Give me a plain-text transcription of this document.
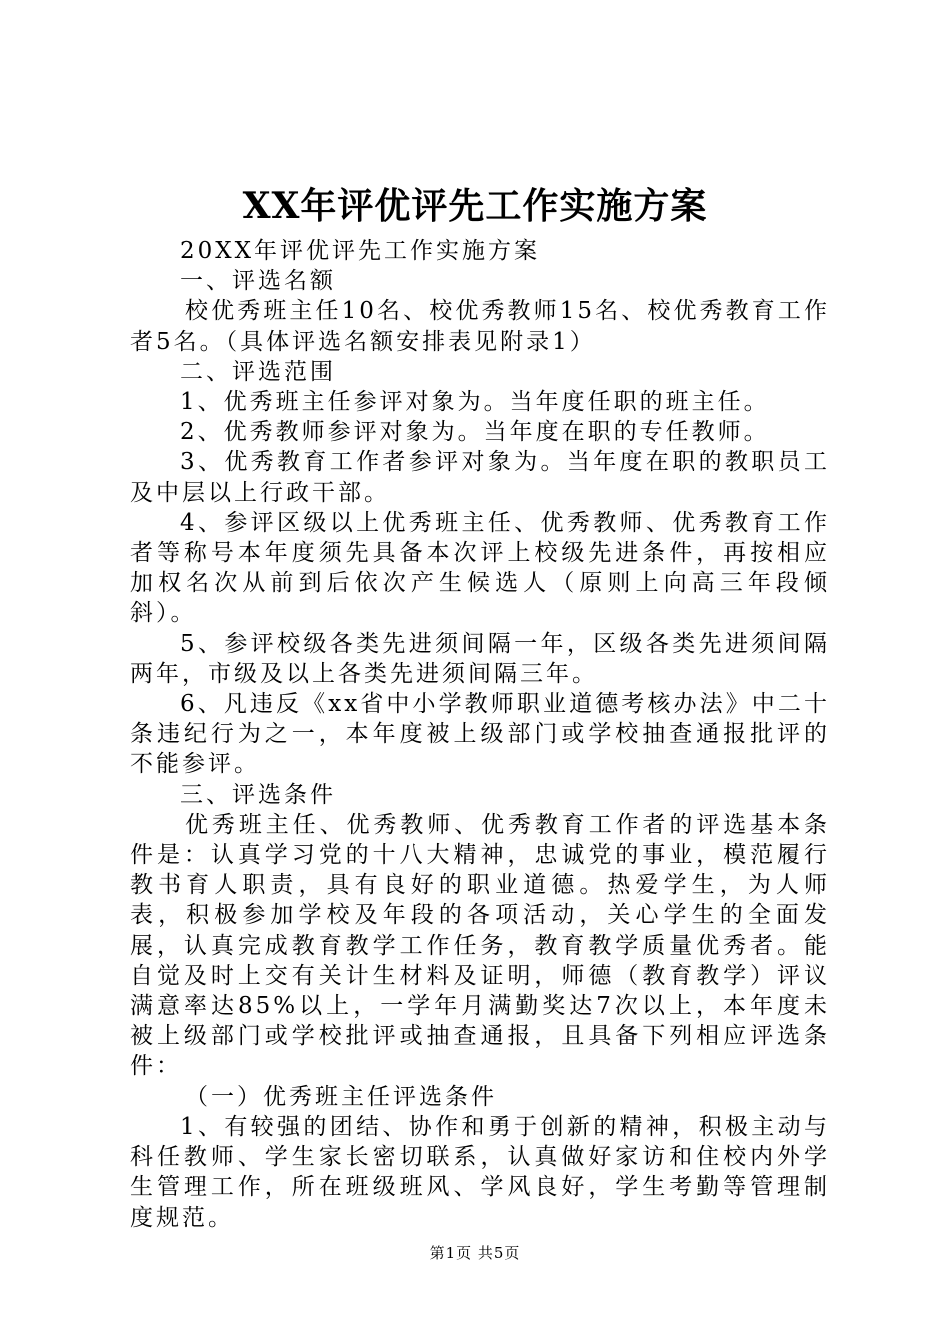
XX年评优评先工作实施方案

20XX年评优评先工作实施方案

一、评选名额

校优秀班主任10名、校优秀教师15名、校优秀教育工作者5名。（具体评选名额安排表见附录1）

二、评选范围

1、优秀班主任参评对象为。当年度任职的班主任。

2、优秀教师参评对象为。当年度在职的专任教师。

3、优秀教育工作者参评对象为。当年度在职的教职员工及中层以上行政干部。

4、参评区级以上优秀班主任、优秀教师、优秀教育工作者等称号本年度须先具备本次评上校级先进条件，再按相应加权名次从前到后依次产生候选人（原则上向高三年段倾斜）。

5、参评校级各类先进须间隔一年，区级各类先进须间隔两年，市级及以上各类先进须间隔三年。

6、凡违反《xx省中小学教师职业道德考核办法》中二十条违纪行为之一，本年度被上级部门或学校抽查通报批评的不能参评。

三、评选条件

优秀班主任、优秀教师、优秀教育工作者的评选基本条件是：认真学习党的十八大精神，忠诚党的事业，模范履行教书育人职责，具有良好的职业道德。热爱学生，为人师表，积极参加学校及年段的各项活动，关心学生的全面发展，认真完成教育教学工作任务，教育教学质量优秀者。能自觉及时上交有关计生材料及证明，师德（教育教学）评议满意率达85%以上，一学年月满勤奖达7次以上，本年度未被上级部门或学校批评或抽查通报，且具备下列相应评选条件：

（一）优秀班主任评选条件

1、有较强的团结、协作和勇于创新的精神，积极主动与科任教师、学生家长密切联系，认真做好家访和住校内外学生管理工作，所在班级班风、学风良好，学生考勤等管理制度规范。

第1页 共5页
